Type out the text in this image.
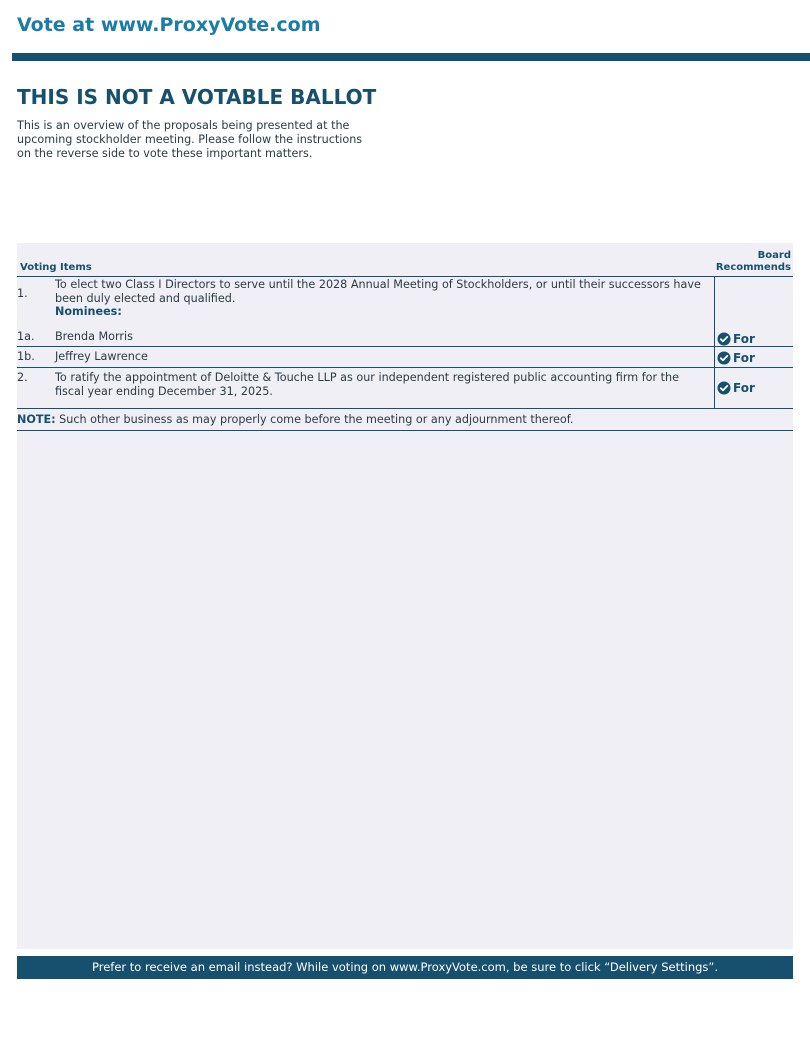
Vote at www.ProxyVote.com
THIS IS NOT A VOTABLE BALLOT
This is an overview of the proposals being presented at the upcoming stockholder meeting. Please follow the instructions on the reverse side to vote these important matters.
Voting Items
Board
Recommends
1.
To elect two Class I Directors to serve until the 2028 Annual Meeting of Stockholders, or until their successors have been duly elected and qualified.
Nominees:
1a. Brenda Morris	For
1b. Jeffrey Lawrence	For
2. To ratify the appointment of Deloitte & Touche LLP as our independent registered public accounting firm for the fiscal year ending December 31, 2025.	For
NOTE: Such other business as may properly come before the meeting or any adjournment thereof.
Prefer to receive an email instead? While voting on www.ProxyVote.com, be sure to click “Delivery Settings”.
